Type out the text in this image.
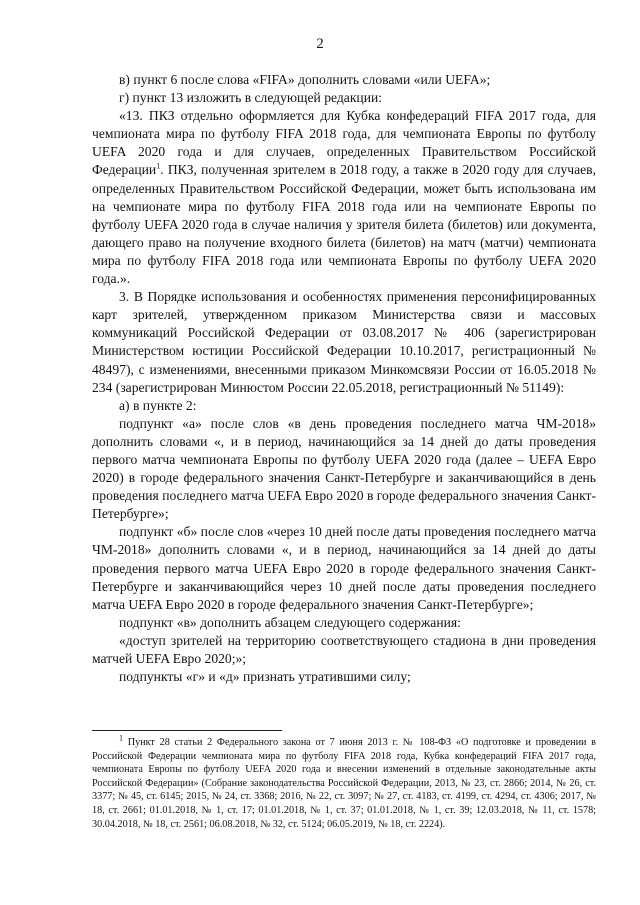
2

в) пункт 6 после слова «FIFA» дополнить словами «или UEFA»;

г) пункт 13 изложить в следующей редакции:

«13. ПКЗ отдельно оформляется для Кубка конфедераций FIFA 2017 года, для чемпионата мира по футболу FIFA 2018 года, для чемпионата Европы по футболу UEFA 2020 года и для случаев, определенных Правительством Российской Федерации$^1$. ПКЗ, полученная зрителем в 2018 году, а также в 2020 году для случаев, определенных Правительством Российской Федерации, может быть использована им на чемпионате мира по футболу FIFA 2018 года или на чемпионате Европы по футболу UEFA 2020 года в случае наличия у зрителя билета (билетов) или документа, дающего право на получение входного билета (билетов) на матч (матчи) чемпионата мира по футболу FIFA 2018 года или чемпионата Европы по футболу UEFA 2020 года.».

3. В Порядке использования и особенностях применения персонифицированных карт зрителей, утвержденном приказом Министерства связи и массовых коммуникаций Российской Федерации от 03.08.2017 № 406 (зарегистрирован Министерством юстиции Российской Федерации 10.10.2017, регистрационный № 48497), с изменениями, внесенными приказом Минкомсвязи России от 16.05.2018 № 234 (зарегистрирован Минюстом России 22.05.2018, регистрационный № 51149):

а) в пункте 2:

подпункт «а» после слов «в день проведения последнего матча ЧМ-2018» дополнить словами «, и в период, начинающийся за 14 дней до даты проведения первого матча чемпионата Европы по футболу UEFA 2020 года (далее – UEFA Евро 2020) в городе федерального значения Санкт-Петербурге и заканчивающийся в день проведения последнего матча UEFA Евро 2020 в городе федерального значения Санкт-Петербурге»;

подпункт «б» после слов «через 10 дней после даты проведения последнего матча ЧМ-2018» дополнить словами «, и в период, начинающийся за 14 дней до даты проведения первого матча UEFA Евро 2020 в городе федерального значения Санкт-Петербурге и заканчивающийся через 10 дней после даты проведения последнего матча UEFA Евро 2020 в городе федерального значения Санкт-Петербурге»;

подпункт «в» дополнить абзацем следующего содержания:

«доступ зрителей на территорию соответствующего стадиона в дни проведения матчей UEFA Евро 2020;»;

подпункты «г» и «д» признать утратившими силу;

$^1$ Пункт 28 статьи 2 Федерального закона от 7 июня 2013 г. № 108-ФЗ «О подготовке и проведении в Российской Федерации чемпионата мира по футболу FIFA 2018 года, Кубка конфедераций FIFA 2017 года, чемпионата Европы по футболу UEFA 2020 года и внесении изменений в отдельные законодательные акты Российской Федерации» (Собрание законодательства Российской Федерации, 2013, № 23, ст. 2866; 2014, № 26, ст. 3377; № 45, ст. 6145; 2015, № 24, ст. 3368; 2016, № 22, ст. 3097; № 27, ст. 4183, ст. 4199, ст. 4294, ст. 4306; 2017, № 18, ст. 2661; 01.01.2018, № 1, ст. 17; 01.01.2018, № 1, ст. 37; 01.01.2018, № 1, ст. 39; 12.03.2018, № 11, ст. 1578; 30.04.2018, № 18, ст. 2561; 06.08.2018, № 32, ст. 5124; 06.05.2019, № 18, ст. 2224).
